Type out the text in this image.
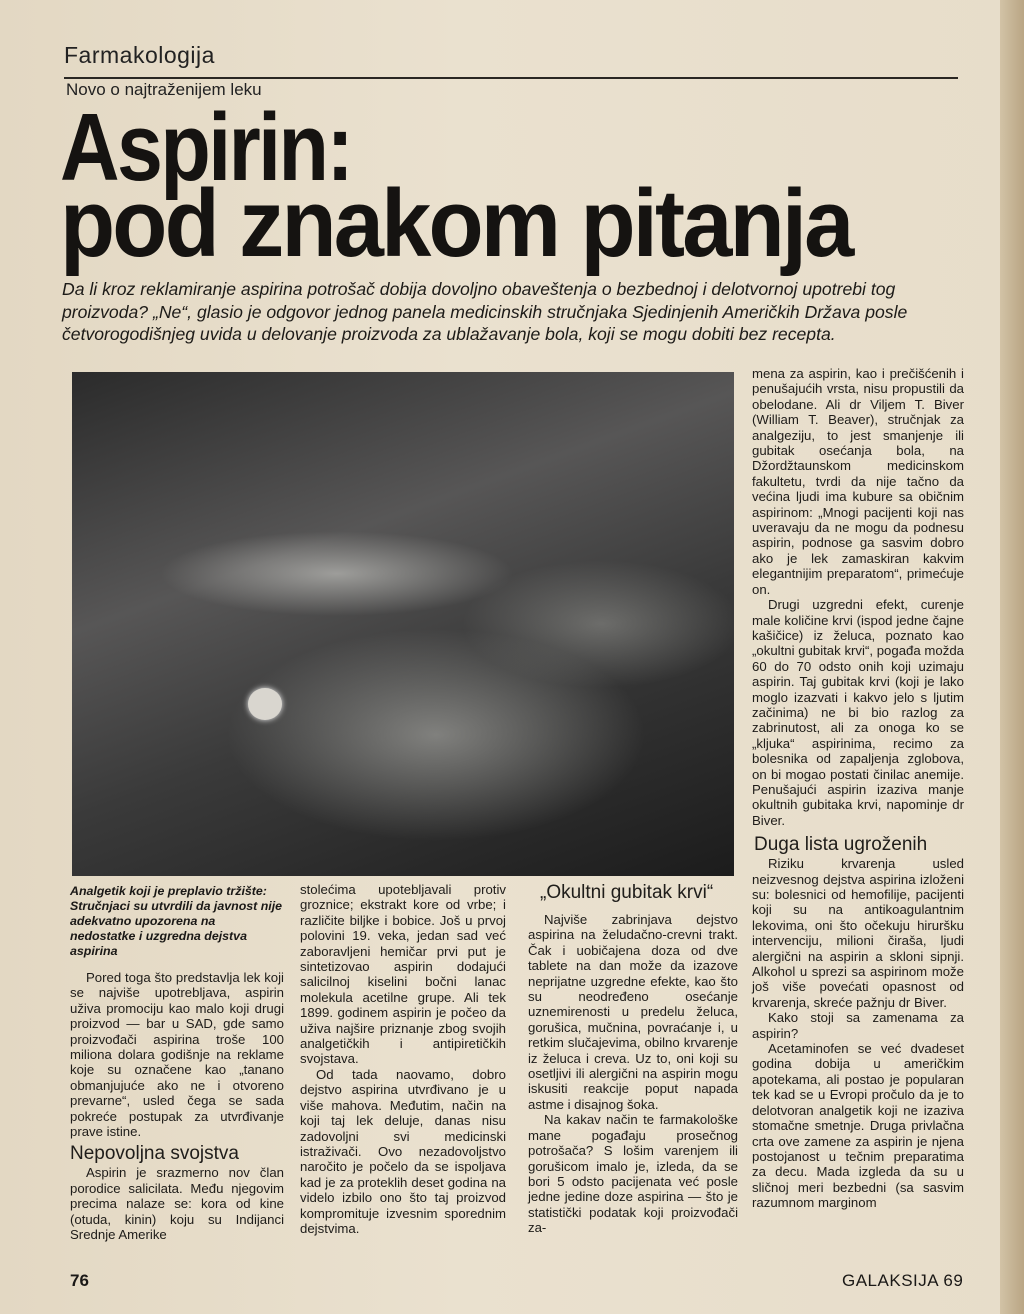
Farmakologija
Novo o najtraženijem leku
Aspirin:
pod znakom pitanja
Da li kroz reklamiranje aspirina potrošač dobija dovoljno obaveštenja o bezbednoj i delotvornoj upotrebi tog proizvoda? „Ne“, glasio je odgovor jednog panela medicinskih stručnjaka Sjedinjenih Američkih Država posle četvorogodišnjeg uvida u delovanje proizvoda za ublažavanje bola, koji se mogu dobiti bez recepta.

mena za aspirin, kao i prečišćenih i penušajućih vrsta, nisu propustili da obelodane. Ali dr Viljem T. Biver (William T. Beaver), stručnjak za analgeziju, to jest smanjenje ili gubitak osećanja bola, na Džordžtaunskom medicinskom fakultetu, tvrdi da nije tačno da većina ljudi ima kubure sa običnim aspirinom: „Mnogi pacijenti koji nas uveravaju da ne mogu da podnesu aspirin, podnose ga sasvim dobro ako je lek zamaskiran kakvim elegantnijim preparatom“, primećuje on.

Drugi uzgredni efekt, curenje male količine krvi (ispod jedne čajne kašičice) iz želuca, poznato kao „okultni gubitak krvi“, pogađa možda 60 do 70 odsto onih koji uzimaju aspirin. Taj gubitak krvi (koji je lako moglo izazvati i kakvo jelo s ljutim začinima) ne bi bio razlog za zabrinutost, ali za onoga ko se „kljuka“ aspirinima, recimo za bolesnika od zapaljenja zglobova, on bi mogao postati činilac anemije. Penušajući aspirin izaziva manje okultnih gubitaka krvi, napominje dr Biver.

Duga lista ugroženih

Riziku krvarenja usled neizvesnog dejstva aspirina izloženi su: bolesnici od hemofilije, pacijenti koji su na antikoagulantnim lekovima, oni što očekuju hiruršku intervenciju, milioni čiraša, ljudi alergični na aspirin a skloni sipnji. Alkohol u sprezi sa aspirinom može još više povećati opasnost od krvarenja, skreće pažnju dr Biver.

Kako stoji sa zamenama za aspirin?

Acetaminofen se već dvadeset godina dobija u američkim apotekama, ali postao je popularan tek kad se u Evropi pročulo da je to delotvoran analgetik koji ne izaziva stomačne smetnje. Druga privlačna crta ove zamene za aspirin je njena postojanost u tečnim preparatima za decu. Mada izgleda da su u sličnoj meri bezbedni (sa sasvim razumnom marginom

Analgetik koji je preplavio tržište: Stručnjaci su utvrdili da javnost nije adekvatno upozorena na nedostatke i uzgredna dejstva aspirina

Pored toga što predstavlja lek koji se najviše upotrebljava, aspirin uživa promociju kao malo koji drugi proizvod — bar u SAD, gde samo proizvođači aspirina troše 100 miliona dolara godišnje na reklame koje su označene kao „tanano obmanjujuće ako ne i otvoreno prevarne“, usled čega se sada pokreće postupak za utvrđivanje prave istine.

Nepovoljna svojstva

Aspirin je srazmerno nov član porodice salicilata. Među njegovim precima nalaze se: kora od kine (otuda, kinin) koju su Indijanci Srednje Amerike

stolećima upotebljavali protiv groznice; ekstrakt kore od vrbe; i različite biljke i bobice. Još u prvoj polovini 19. veka, jedan sad već zaboravljeni hemičar prvi put je sintetizovao aspirin dodajući salicilnoj kiselini bočni lanac molekula acetilne grupe. Ali tek 1899. godinem aspirin je počeo da uživa najšire priznanje zbog svojih analgetičkih i antipiretičkih svojstava.

Od tada naovamo, dobro dejstvo aspirina utvrđivano je u više mahova. Međutim, način na koji taj lek deluje, danas nisu zadovoljni svi medicinski istraživači. Ovo nezadovoljstvo naročito je počelo da se ispoljava kad je za proteklih deset godina na videlo izbilo ono što taj proizvod kompromituje izvesnim sporednim dejstvima.

„Okultni gubitak krvi“

Najviše zabrinjava dejstvo aspirina na želudačno-crevni trakt. Čak i uobičajena doza od dve tablete na dan može da izazove neprijatne uzgredne efekte, kao što su neodređeno osećanje uznemirenosti u predelu želuca, gorušica, mučnina, povraćanje i, u retkim slučajevima, obilno krvarenje iz želuca i creva. Uz to, oni koji su osetljivi ili alergični na aspirin mogu iskusiti reakcije poput napada astme i disajnog šoka.

Na kakav način te farmakološke mane pogađaju prosečnog potrošača? S lošim varenjem ili gorušicom imalo je, izleda, da se bori 5 odsto pacijenata već posle jedne jedine doze aspirina — što je statistički podatak koji proizvođači za-

76	GALAKSIJA 69
